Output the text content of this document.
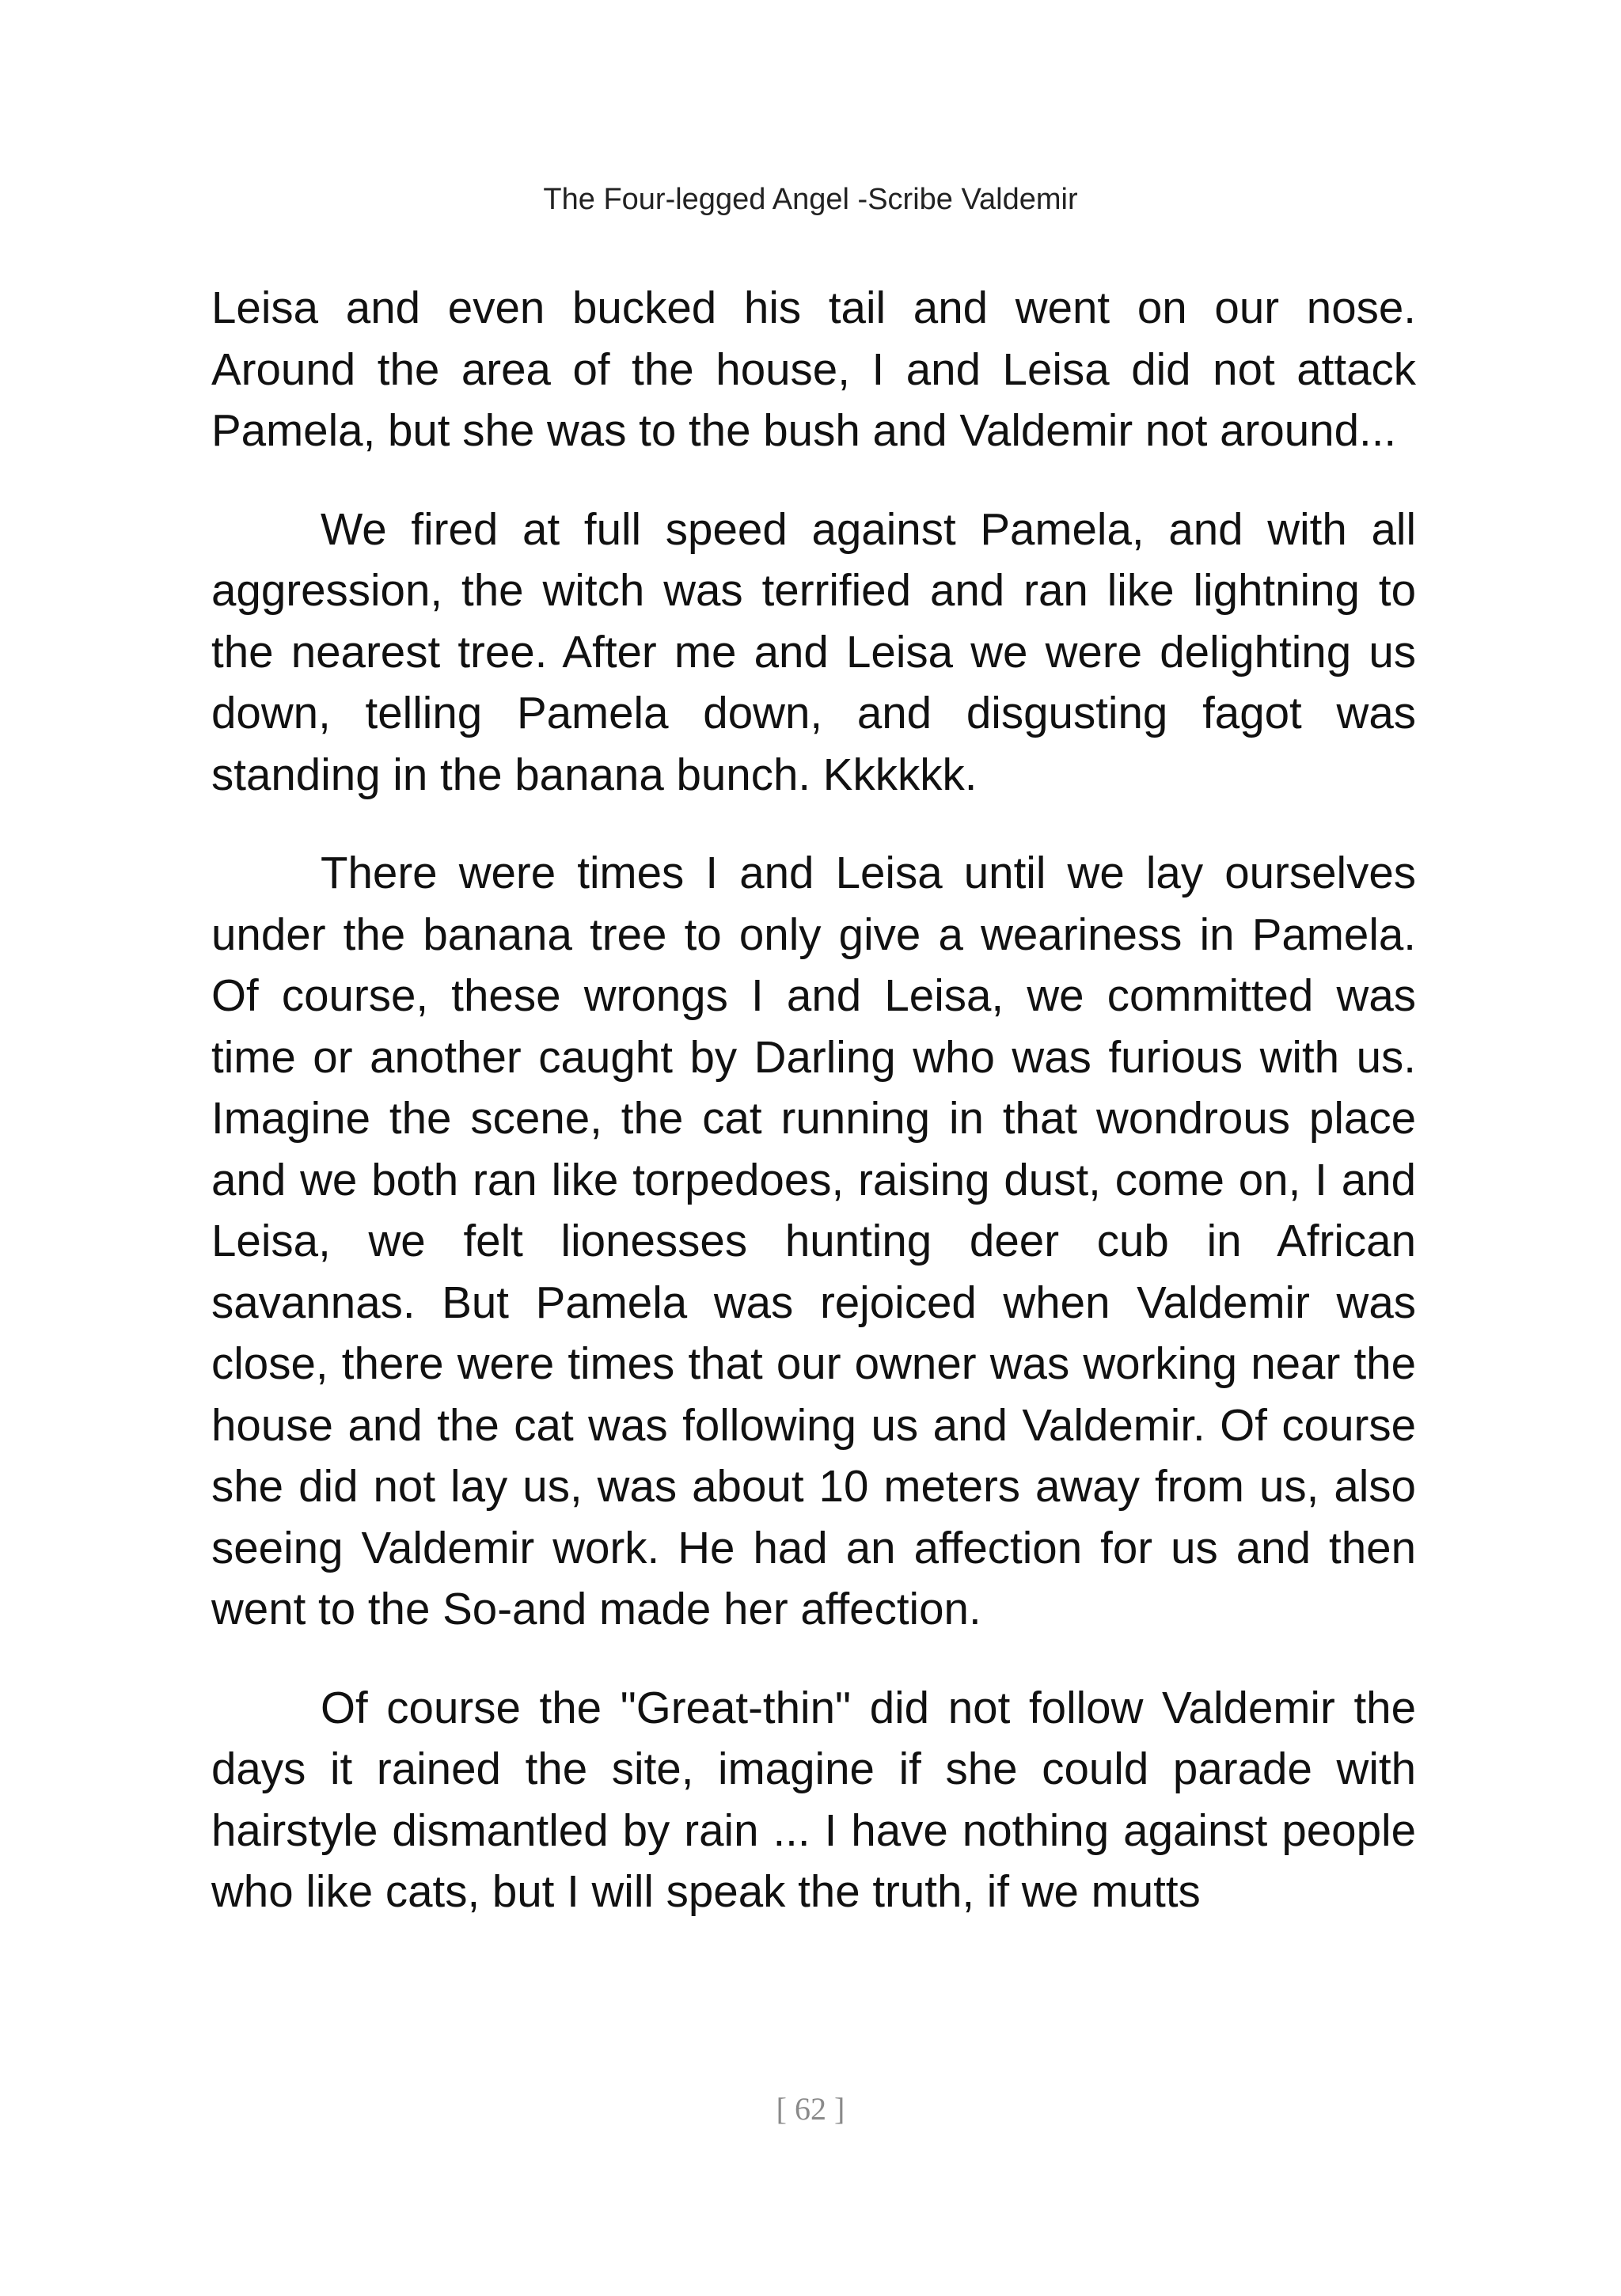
The Four-legged Angel -Scribe Valdemir

Leisa and even bucked his tail and went on our nose. Around the area of the house, I and Leisa did not attack Pamela, but she was to the bush and Valdemir not around...

We fired at full speed against Pamela, and with all aggression, the witch was terrified and ran like lightning to the nearest tree. After me and Leisa we were delighting us down, telling Pamela down, and disgusting fagot was standing in the banana bunch. Kkkkkk.

There were times I and Leisa until we lay ourselves under the banana tree to only give a weariness in Pamela. Of course, these wrongs I and Leisa, we committed was time or another caught by Darling who was furious with us. Imagine the scene, the cat running in that wondrous place and we both ran like torpedoes, raising dust, come on, I and Leisa, we felt lionesses hunting deer cub in African savannas. But Pamela was rejoiced when Valdemir was close, there were times that our owner was working near the house and the cat was following us and Valdemir. Of course she did not lay us, was about 10 meters away from us, also seeing Valdemir work. He had an affection for us and then went to the So-and made her affection.

Of course the "Great-thin" did not follow Valdemir the days it rained the site, imagine if she could parade with hairstyle dismantled by rain ... I have nothing against people who like cats, but I will speak the truth, if we mutts

[ 62 ]
